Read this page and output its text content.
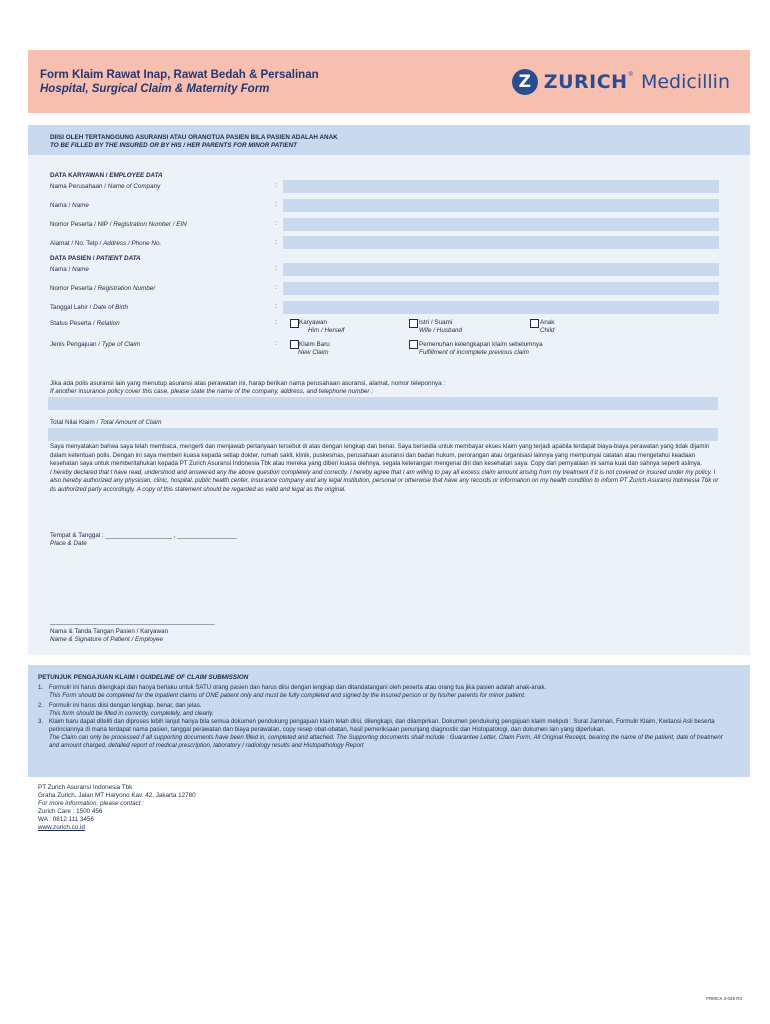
Form Klaim Rawat Inap, Rawat Bedah & Persalinan
Hospital, Surgical Claim & Maternity Form	Z ZURICH ® Medicillin
DIISI OLEH TERTANGGUNG ASURANSI ATAU ORANGTUA PASIEN BILA PASIEN ADALAH ANAK
TO BE FILLED BY THE INSURED OR BY HIS / HER PARENTS FOR MINOR PATIENT
DATA KARYAWAN / EMPLOYEE DATA
Nama Perusahaan / Name of Company	:
Nama / Name	:
Nomor Peserta / NIP / Registration Number / EIN	:
Alamat / No. Telp / Address / Phone No.	:
DATA PASIEN / PATIENT DATA
Nama / Name	:
Nomor Peserta / Registration Number	:
Tanggal Lahir / Date of Birth	:
Status Peserta / Relation	:	Karyawan
Him / Herself
Istri / Suami
Wife / Husband
Anak
Child
Jenis Pengajuan / Type of Claim	:	Klaim Baru
New Claim
Pemenuhan kelengkapan klaim sebelumnya
Fulfillment of incomplete previous claim
Jika ada polis asuransi lain yang menutup asuransi atas perawatan ini, harap berikan nama perusahaan asuransi, alamat, nomor teleponnya :
If another insurance policy cover this case, please state the name of the company, address, and telephone number :
Total Nilai Klaim / Total Amount of Claim

Saya menyatakan bahwa saya telah membaca, mengerti dan menjawab pertanyaan tersebut di atas dengan lengkap dan benar. Saya bersedia untuk membayar ekses klaim yang terjadi apabila terdapat biaya-biaya perawatan yang tidak dijamin dalam ketentuan polis. Dengan ini saya memberi kuasa kepada setiap dokter, rumah sakit, klinik, puskesmas, perusahaan asuransi dan badan hukum, perorangan atau organisasi lainnya yang mempunyai catatan atau mengetahui keadaan kesehatan saya untuk memberitahukan kepada PT Zurich Asuransi Indonesia Tbk atau mereka yang diberi kuasa olehnya, segala keterangan mengenai diri dan kesehatan saya. Copy dari pernyataan ini sama kuat dan sahnya seperti aslinya.

I hereby declared that I have read, understood and answered any the above question completely and correctly. I hereby agree that I am willing to pay all excess claim amount arising from my treatment if it is not covered or insured under my policy. I also hereby authorized any physician, clinic, hospital, public health center, insurance company and any legal institution, personal or otherwise that have any records or information on my health condition to inform PT Zurich Asuransi Indonesia Tbk or its authorized party accordingly. A copy of this statement should be regarded as valid and legal as the original.

Tempat & Tanggal : ___________________ , _________________
Place & Date
_______________________________________________
Nama & Tanda Tangan Pasien / Karyawan
Name & Signature of Patient / Employee
PETUNJUK PENGAJUAN KLAIM / GUIDELINE OF CLAIM SUBMISSION
1. Formulir ini harus dilengkapi dan hanya berlaku untuk SATU orang pasien dan harus diisi dengan lengkap dan ditandatangani oleh peserta atau orang tua jika pasien adalah anak-anak.

This Form should be completed for the inpatient claims of ONE patient only and must be fully completed and signed by the insured person or by his/her parents for minor patient.

2. Formulir ini harus diisi dengan lengkap, benar, dan jelas.

This form should be filled in correctly, completely, and clearly.

3. Klaim baru dapat diteliti dan diproses lebih lanjut hanya bila semua dokumen pendukung pengajuan klaim telah diisi, dilengkapi, dan dilampirkan. Dokumen pendukung pengajuan klaim meliputi : Surat Jaminan, Formulir Klaim, Kwitansi Asli beserta perinciannya di mana terdapat nama pasien, tanggal perawatan dan biaya perawatan, copy resep obat-obatan, hasil pemeriksaan penunjang diagnostic dan Histopatologi, dan dokumen lain yang diperlukan.

The Claim can only be processed if all supporting documents have been filled in, completed and attached. The Supporting documents shall include : Guarantee Letter, Claim Form, All Original Receipt, bearing the name of the patient, date of treatment and amount charged, detailed report of medical prescription, laboratory / radiology results and Histopathology Report

PT Zurich Asuransi Indonesia Tbk

Graha Zurich, Jalan MT Haryono Kav. 42, Jakarta 12780

For more information, please contact :

Zurich Care : 1500 456

WA : 0812 111 3456

www.zurich.co.id

FRMCX 3-025 R3
